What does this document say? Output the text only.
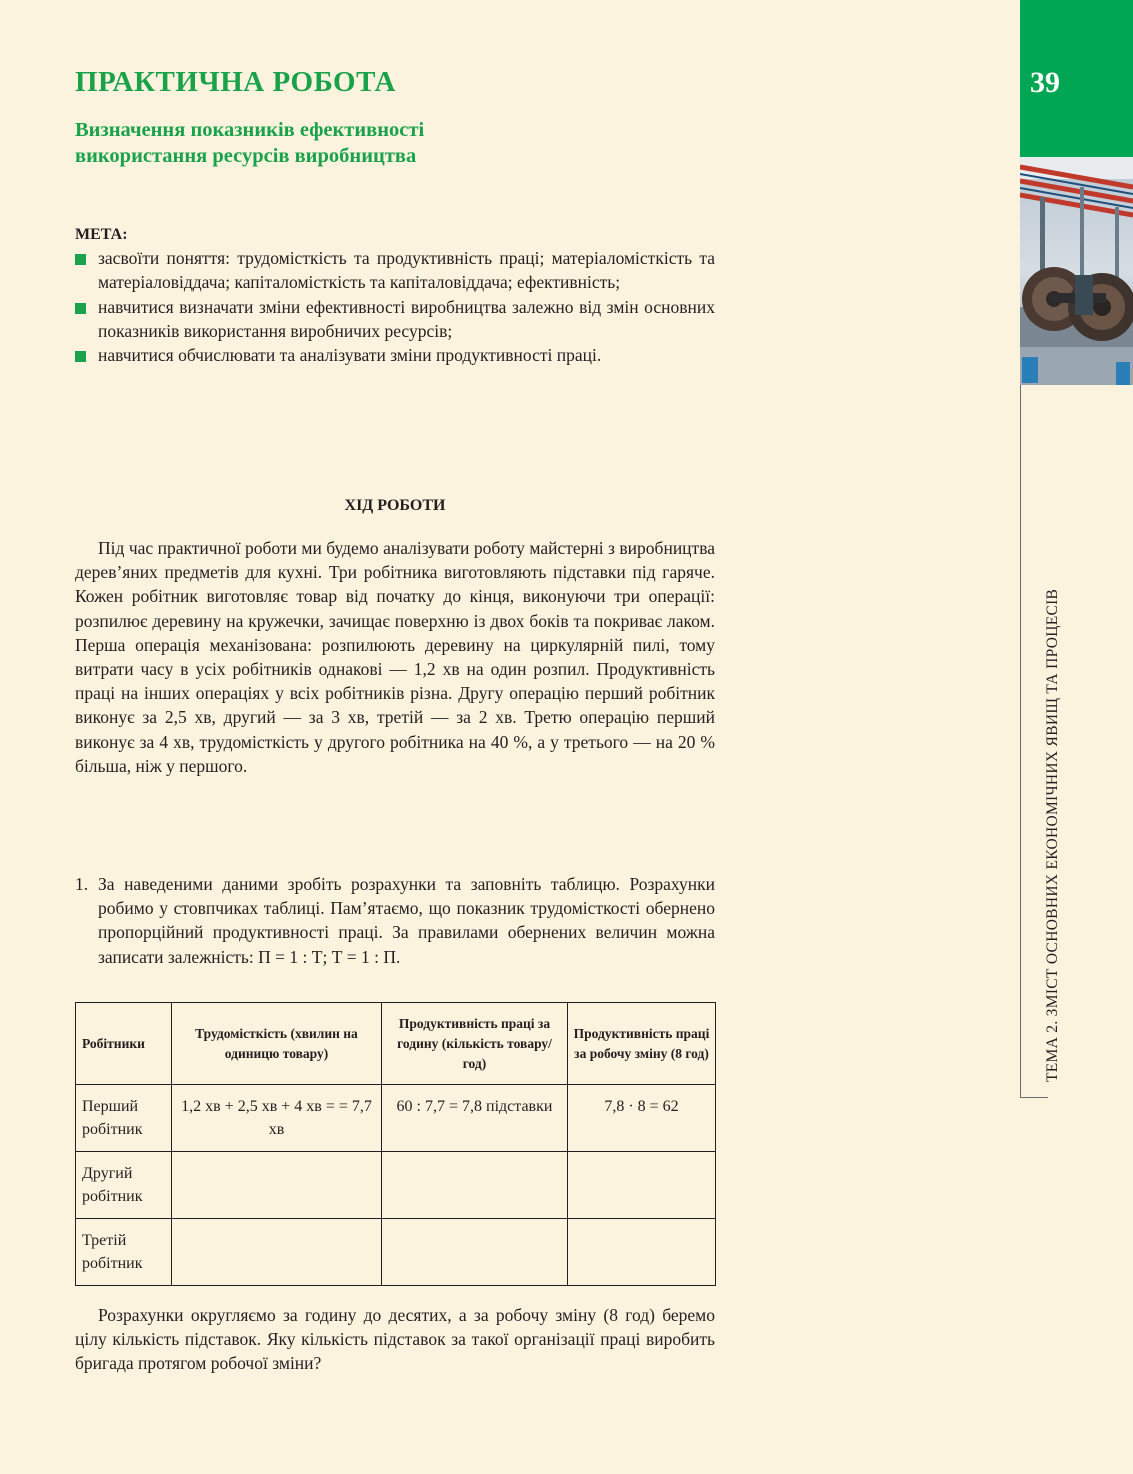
ПРАКТИЧНА РОБОТА
Визначення показників ефективності
використання ресурсів виробництва
МЕТА:
засвоїти поняття: трудомісткість та продуктивність праці; матеріаломісткість та матеріаловіддача; капіталомісткість та капіталовіддача; ефективність;
навчитися визначати зміни ефективності виробництва залежно від змін основних показників використання виробничих ресурсів;
навчитися обчислювати та аналізувати зміни продуктивності праці.
ХІД РОБОТИ

Під час практичної роботи ми будемо аналізувати роботу майстерні з виробництва дерев’яних предметів для кухні. Три робітника виготовляють підставки під гаряче. Кожен робітник виготовляє товар від початку до кінця, виконуючи три операції: розпилює деревину на кружечки, зачищає поверхню із двох боків та покриває лаком. Перша операція механізована: розпилюють деревину на циркулярній пилі, тому витрати часу в усіх робітників однакові — 1,2 хв на один розпил. Продуктивність праці на інших операціях у всіх робітників різна. Другу операцію перший робітник виконує за 2,5 хв, другий — за 3 хв, третій — за 2 хв. Третю операцію перший виконує за 4 хв, трудомісткість у другого робітника на 40 %, а у третього — на 20 % більша, ніж у першого.

1. За наведеними даними зробіть розрахунки та заповніть таблицю. Розрахунки робимо у стовпчиках таблиці. Пам’ятаємо, що показник трудомісткості обернено пропорційний продуктивності праці. За правилами обернених величин можна записати залежність: П = 1 : Т; Т = 1 : П.

Робітники	Трудомісткість (хвилин на одиницю товару)	Продуктивність праці за годину (кількість товару/год)	Продуктивність праці за робочу зміну (8 год)
Перший робітник	1,2 хв + 2,5 хв + 4 хв = = 7,7 хв	60 : 7,7 = 7,8 підставки	7,8 · 8 = 62
Другий робітник			
Третій робітник			

Розрахунки округляємо за годину до десятих, а за робочу зміну (8 год) беремо цілу кількість підставок. Яку кількість підставок за такої організації праці виробить бригада протягом робочої зміни?

39
ТЕМА 2. ЗМІСТ ОСНОВНИХ ЕКОНОМІЧНИХ ЯВИЩ ТА ПРОЦЕСІВ
